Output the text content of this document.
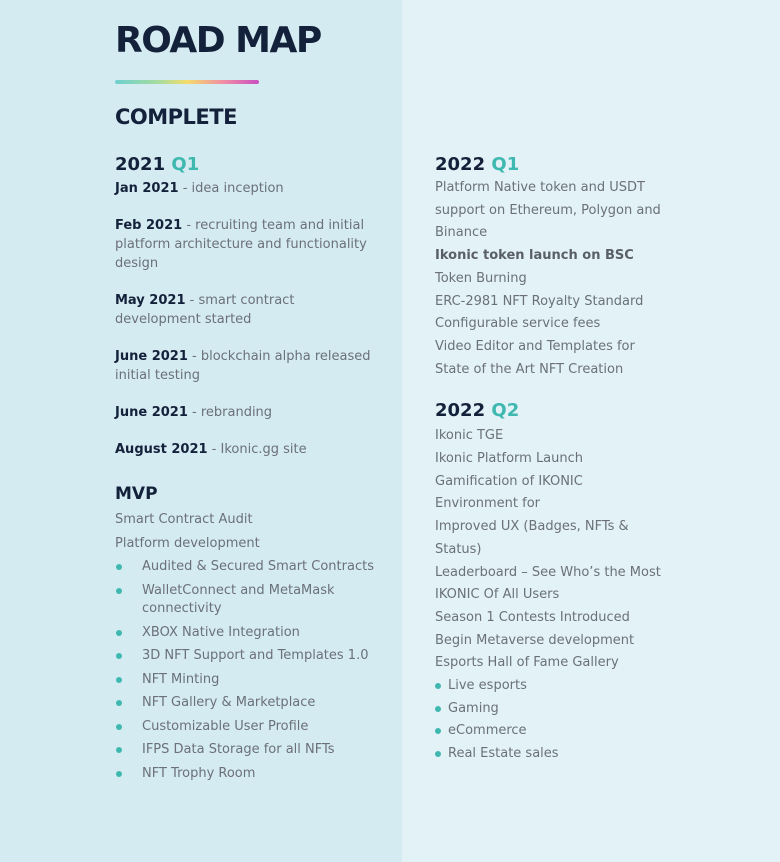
ROAD MAP
COMPLETE
2021 Q1

Jan 2021 - idea inception

Feb 2021 - recruiting team and initial platform architecture and functionality design

May 2021 - smart contract development started

June 2021 - blockchain alpha released initial testing

June 2021 - rebranding

August 2021 - Ikonic.gg site

MVP

Smart Contract Audit

Platform development

Audited & Secured Smart Contracts
WalletConnect and MetaMask connectivity
XBOX Native Integration
3D NFT Support and Templates 1.0
NFT Minting
NFT Gallery & Marketplace
Customizable User Profile
IFPS Data Storage for all NFTs
NFT Trophy Room
2022 Q1

Platform Native token and USDT

support on Ethereum, Polygon and

Binance

Ikonic token launch on BSC

Token Burning

ERC-2981 NFT Royalty Standard

Configurable service fees

Video Editor and Templates for

State of the Art NFT Creation

2022 Q2

Ikonic TGE

Ikonic Platform Launch

Gamification of IKONIC

Environment for

Improved UX (Badges, NFTs &

Status)

Leaderboard – See Who’s the Most

IKONIC Of All Users

Season 1 Contests Introduced

Begin Metaverse development

Esports Hall of Fame Gallery

Live esports
Gaming
eCommerce
Real Estate sales
